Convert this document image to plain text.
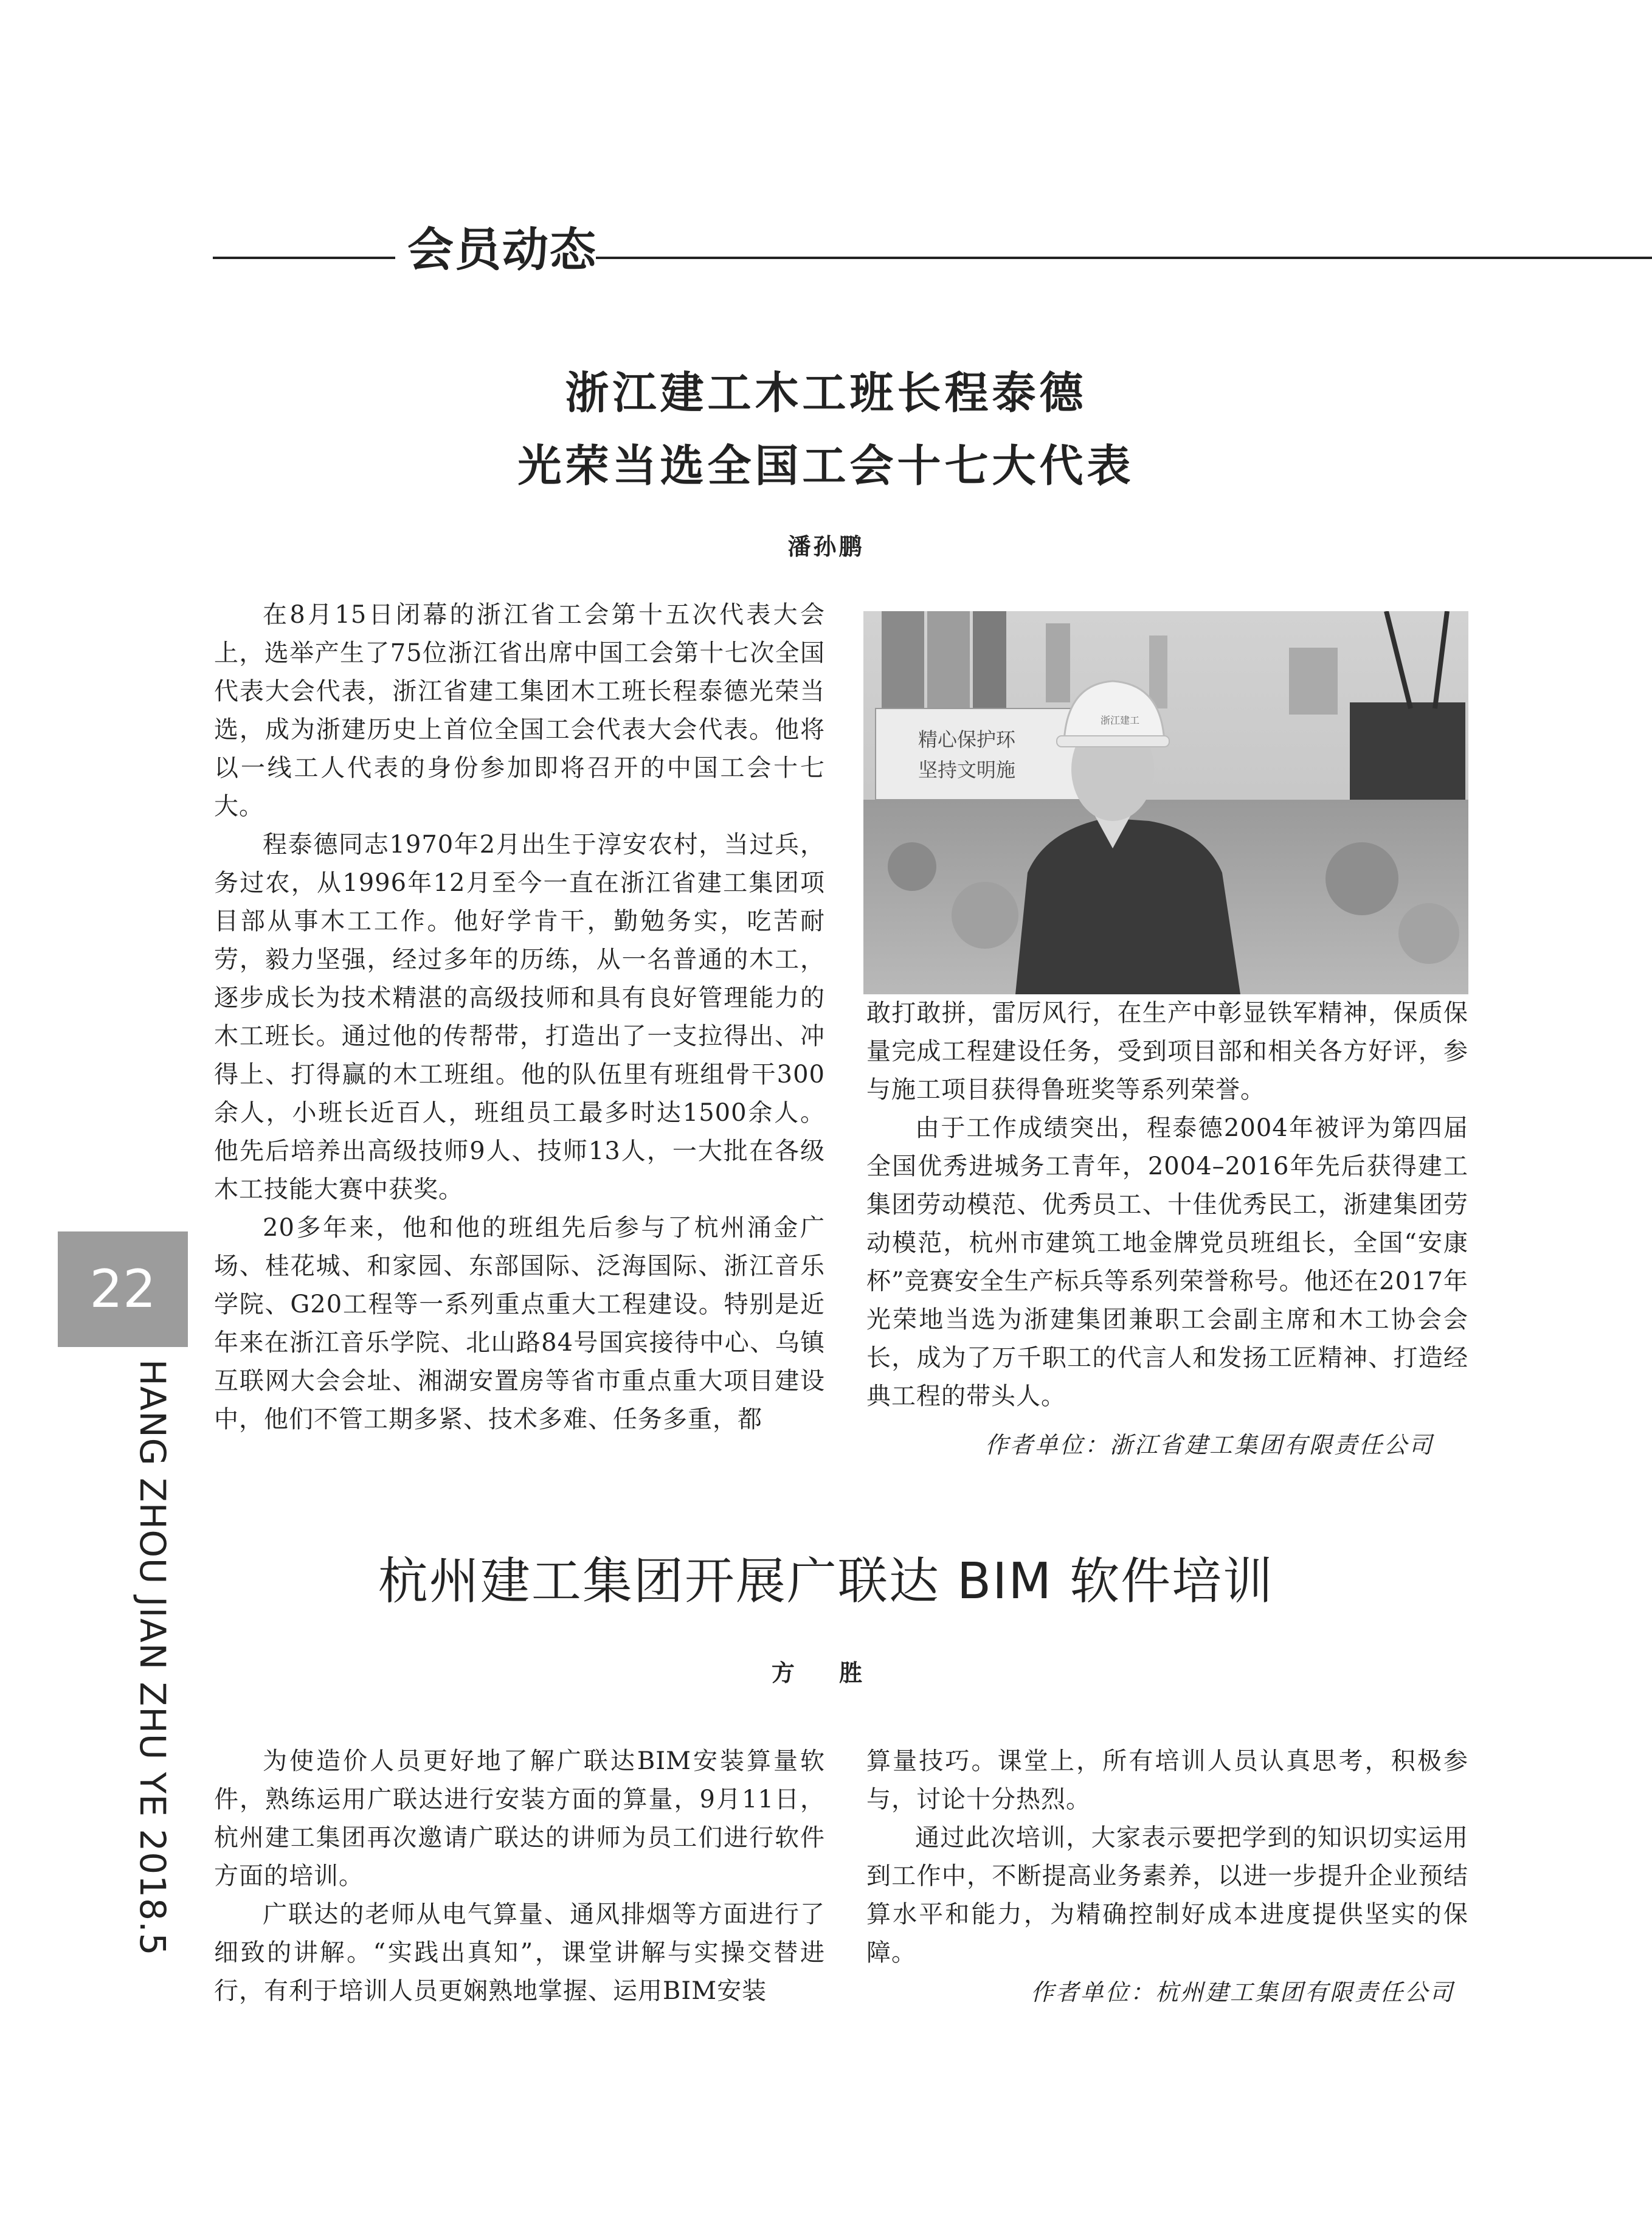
会员动态
浙江建工木工班长程泰德
光荣当选全国工会十七大代表
潘孙鹏

在8月15日闭幕的浙江省工会第十五次代表大会上，选举产生了75位浙江省出席中国工会第十七次全国代表大会代表，浙江省建工集团木工班长程泰德光荣当选，成为浙建历史上首位全国工会代表大会代表。他将以一线工人代表的身份参加即将召开的中国工会十七大。

程泰德同志1970年2月出生于淳安农村，当过兵，务过农，从1996年12月至今一直在浙江省建工集团项目部从事木工工作。他好学肯干，勤勉务实，吃苦耐劳，毅力坚强，经过多年的历练，从一名普通的木工，逐步成长为技术精湛的高级技师和具有良好管理能力的木工班长。通过他的传帮带，打造出了一支拉得出、冲得上、打得赢的木工班组。他的队伍里有班组骨干300余人，小班长近百人，班组员工最多时达1500余人。他先后培养出高级技师9人、技师13人，一大批在各级木工技能大赛中获奖。

20多年来，他和他的班组先后参与了杭州涌金广场、桂花城、和家园、东部国际、泛海国际、浙江音乐学院、G20工程等一系列重点重大工程建设。特别是近年来在浙江音乐学院、北山路84号国宾接待中心、乌镇互联网大会会址、湘湖安置房等省市重点重大项目建设中，他们不管工期多紧、技术多难、任务多重，都

精心保护环
坚持文明施
浙江建工

敢打敢拼，雷厉风行，在生产中彰显铁军精神，保质保量完成工程建设任务，受到项目部和相关各方好评，参与施工项目获得鲁班奖等系列荣誉。

由于工作成绩突出，程泰德2004年被评为第四届全国优秀进城务工青年，2004–2016年先后获得建工集团劳动模范、优秀员工、十佳优秀民工，浙建集团劳动模范，杭州市建筑工地金牌党员班组长，全国“安康杯”竞赛安全生产标兵等系列荣誉称号。他还在2017年光荣地当选为浙建集团兼职工会副主席和木工协会会长，成为了万千职工的代言人和发扬工匠精神、打造经典工程的带头人。

作者单位：浙江省建工集团有限责任公司
22
HANG ZHOU JIAN ZHU YE 2018.5	杭州建工集团开展广联达 BIM 软件培训
方 胜

为使造价人员更好地了解广联达BIM安装算量软件，熟练运用广联达进行安装方面的算量，9月11日，杭州建工集团再次邀请广联达的讲师为员工们进行软件方面的培训。

广联达的老师从电气算量、通风排烟等方面进行了细致的讲解。“实践出真知”，课堂讲解与实操交替进行，有利于培训人员更娴熟地掌握、运用BIM安装

算量技巧。课堂上，所有培训人员认真思考，积极参与，讨论十分热烈。

通过此次培训，大家表示要把学到的知识切实运用到工作中，不断提高业务素养，以进一步提升企业预结算水平和能力，为精确控制好成本进度提供坚实的保障。

作者单位：杭州建工集团有限责任公司
